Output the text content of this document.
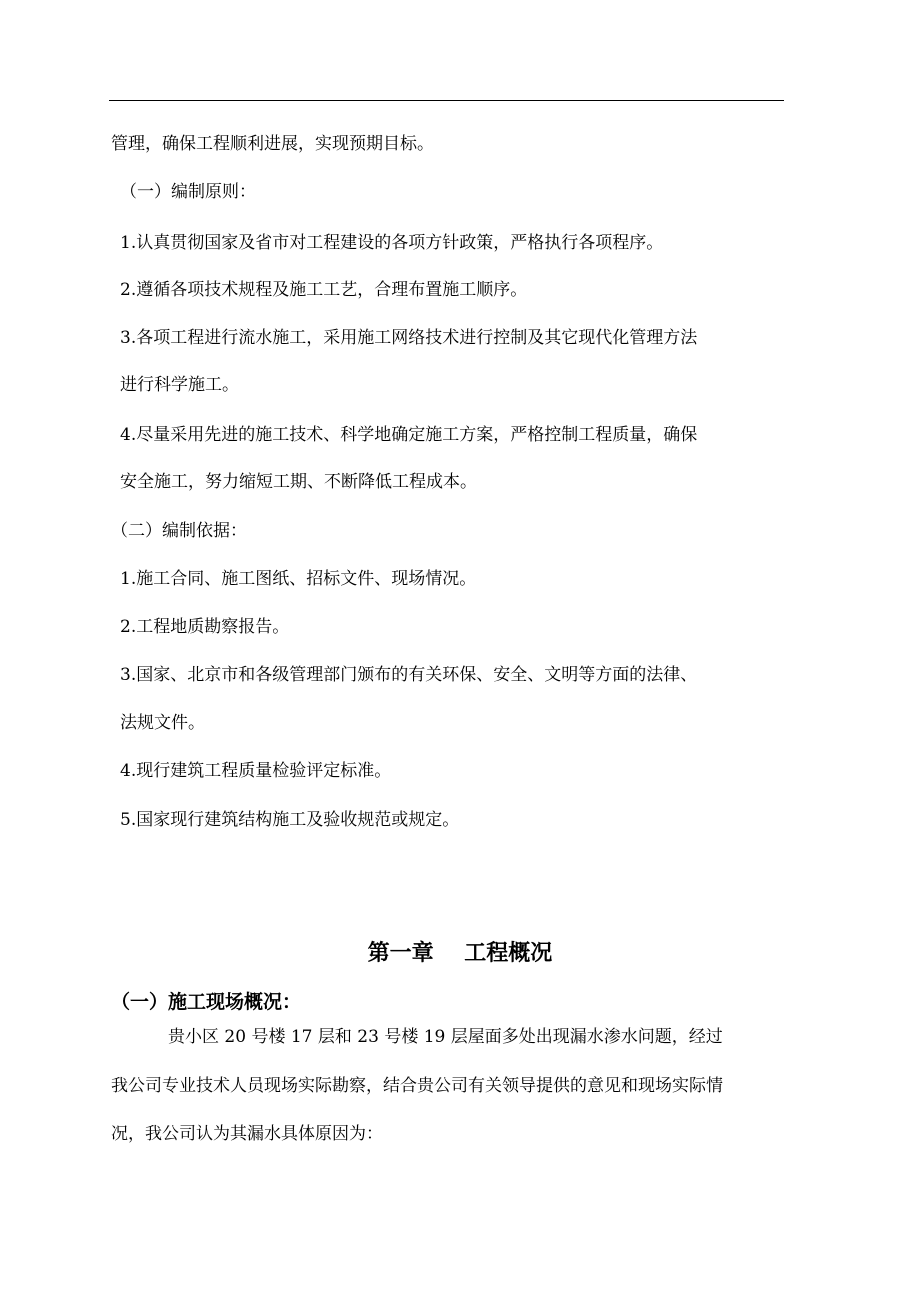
管理，确保工程顺利进展，实现预期目标。
（一）编制原则：
1.认真贯彻国家及省市对工程建设的各项方针政策，严格执行各项程序。
2.遵循各项技术规程及施工工艺，合理布置施工顺序。
3.各项工程进行流水施工，采用施工网络技术进行控制及其它现代化管理方法
进行科学施工。
4.尽量采用先进的施工技术、科学地确定施工方案，严格控制工程质量，确保
安全施工，努力缩短工期、不断降低工程成本。
（二）编制依据：
1.施工合同、施工图纸、招标文件、现场情况。
2.工程地质勘察报告。
3.国家、北京市和各级管理部门颁布的有关环保、安全、文明等方面的法律、
法规文件。
4.现行建筑工程质量检验评定标准。
5.国家现行建筑结构施工及验收规范或规定。
第一章    工程概况
（一）施工现场概况：
贵小区 20 号楼 17 层和 23 号楼 19 层屋面多处出现漏水渗水问题，经过
我公司专业技术人员现场实际勘察，结合贵公司有关领导提供的意见和现场实际情
况，我公司认为其漏水具体原因为：
